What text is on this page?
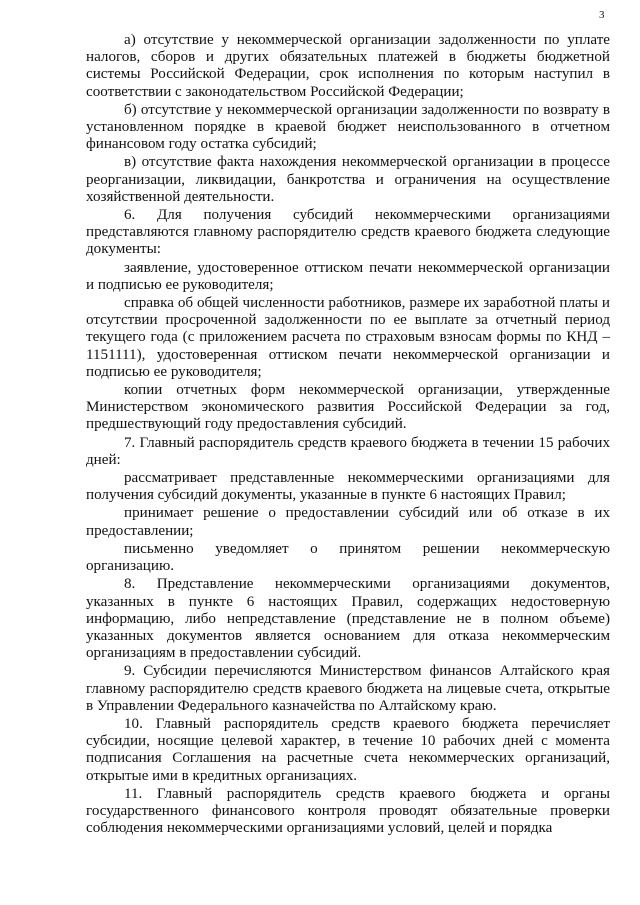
3

а) отсутствие у некоммерческой организации задолженности по уплате налогов, сборов и других обязательных платежей в бюджеты бюджетной системы Российской Федерации, срок исполнения по которым наступил в соответствии с законодательством Российской Федерации;

б) отсутствие у некоммерческой организации задолженности по возврату в установленном порядке в краевой бюджет неиспользованного в отчетном финансовом году остатка субсидий;

в) отсутствие факта нахождения некоммерческой организации в процессе реорганизации, ликвидации, банкротства и ограничения на осуществление хозяйственной деятельности.

6. Для получения субсидий некоммерческими организациями представляются главному распорядителю средств краевого бюджета следующие документы:

заявление, удостоверенное оттиском печати некоммерческой организации и подписью ее руководителя;

справка об общей численности работников, размере их заработной платы и отсутствии просроченной задолженности по ее выплате за отчетный период текущего года (с приложением расчета по страховым взносам формы по КНД – 1151111), удостоверенная оттиском печати некоммерческой организации и подписью ее руководителя;

копии отчетных форм некоммерческой организации, утвержденные Министерством экономического развития Российской Федерации за год, предшествующий году предоставления субсидий.

7. Главный распорядитель средств краевого бюджета в течении 15 рабочих дней:

рассматривает представленные некоммерческими организациями для получения субсидий документы, указанные в пункте 6 настоящих Правил;

принимает решение о предоставлении субсидий или об отказе в их предоставлении;

письменно уведомляет о принятом решении некоммерческую организацию.

8. Представление некоммерческими организациями документов, указанных в пункте 6 настоящих Правил, содержащих недостоверную информацию, либо непредставление (представление не в полном объеме) указанных документов является основанием для отказа некоммерческим организациям в предоставлении субсидий.

9. Субсидии перечисляются Министерством финансов Алтайского края главному распорядителю средств краевого бюджета на лицевые счета, открытые в Управлении Федерального казначейства по Алтайскому краю.

10. Главный распорядитель средств краевого бюджета перечисляет субсидии, носящие целевой характер, в течение 10 рабочих дней с момента подписания Соглашения на расчетные счета некоммерческих организаций, открытые ими в кредитных организациях.

11. Главный распорядитель средств краевого бюджета и органы государственного финансового контроля проводят обязательные проверки соблюдения некоммерческими организациями условий, целей и порядка
